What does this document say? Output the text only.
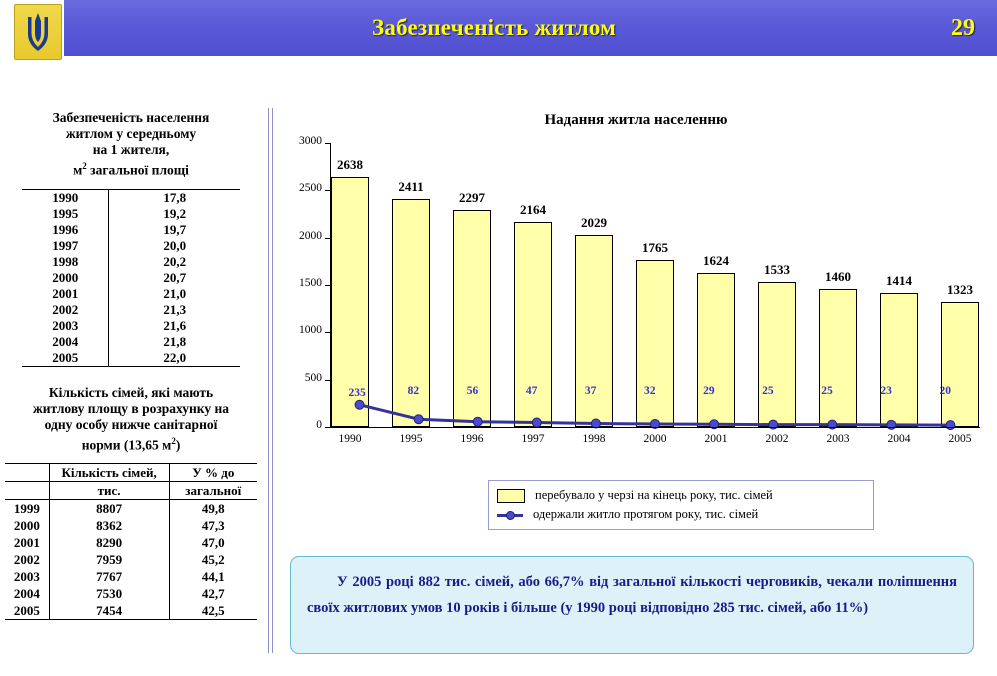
Забезпеченість житлом	29
Забезпеченість населення
житлом у середньому
на 1 жителя,
$м^2$ загальної площі
1990	17,8
1995	19,2
1996	19,7
1997	20,0
1998	20,2
2000	20,7
2001	21,0
2002	21,3
2003	21,6
2004	21,8
2005	22,0
Кількість сімей, які мають
житлову площу в розрахунку на
одну особу нижче санітарної
норми (13,65 $м^2$)
	Кількість сімей,	У % до
	тис.	загальної
1999	8807	49,8
2000	8362	47,3
2001	8290	47,0
2002	7959	45,2
2003	7767	44,1
2004	7530	42,7
2005	7454	42,5
Надання житла населенню
2638
2411
2297
2164
2029
1765
1624
1533	1460	1414
1323
1990	1995	1996	1997	1998	2000	2001	2002	2003	2004	2005
0
500
1000
1500
2000
2500
3000
235	82	56	47	37	32	29	25	25	23	20
перебувало у черзі на кінець року, тис. сімей
одержали житло протягом року, тис. сімей
У 2005 році 882 тис. сімей, або 66,7% від загальної кількості черговиків, чекали поліпшення своїх житлових умов 10 років і більше (у 1990 році відповідно 285 тис. сімей, або 11%)
